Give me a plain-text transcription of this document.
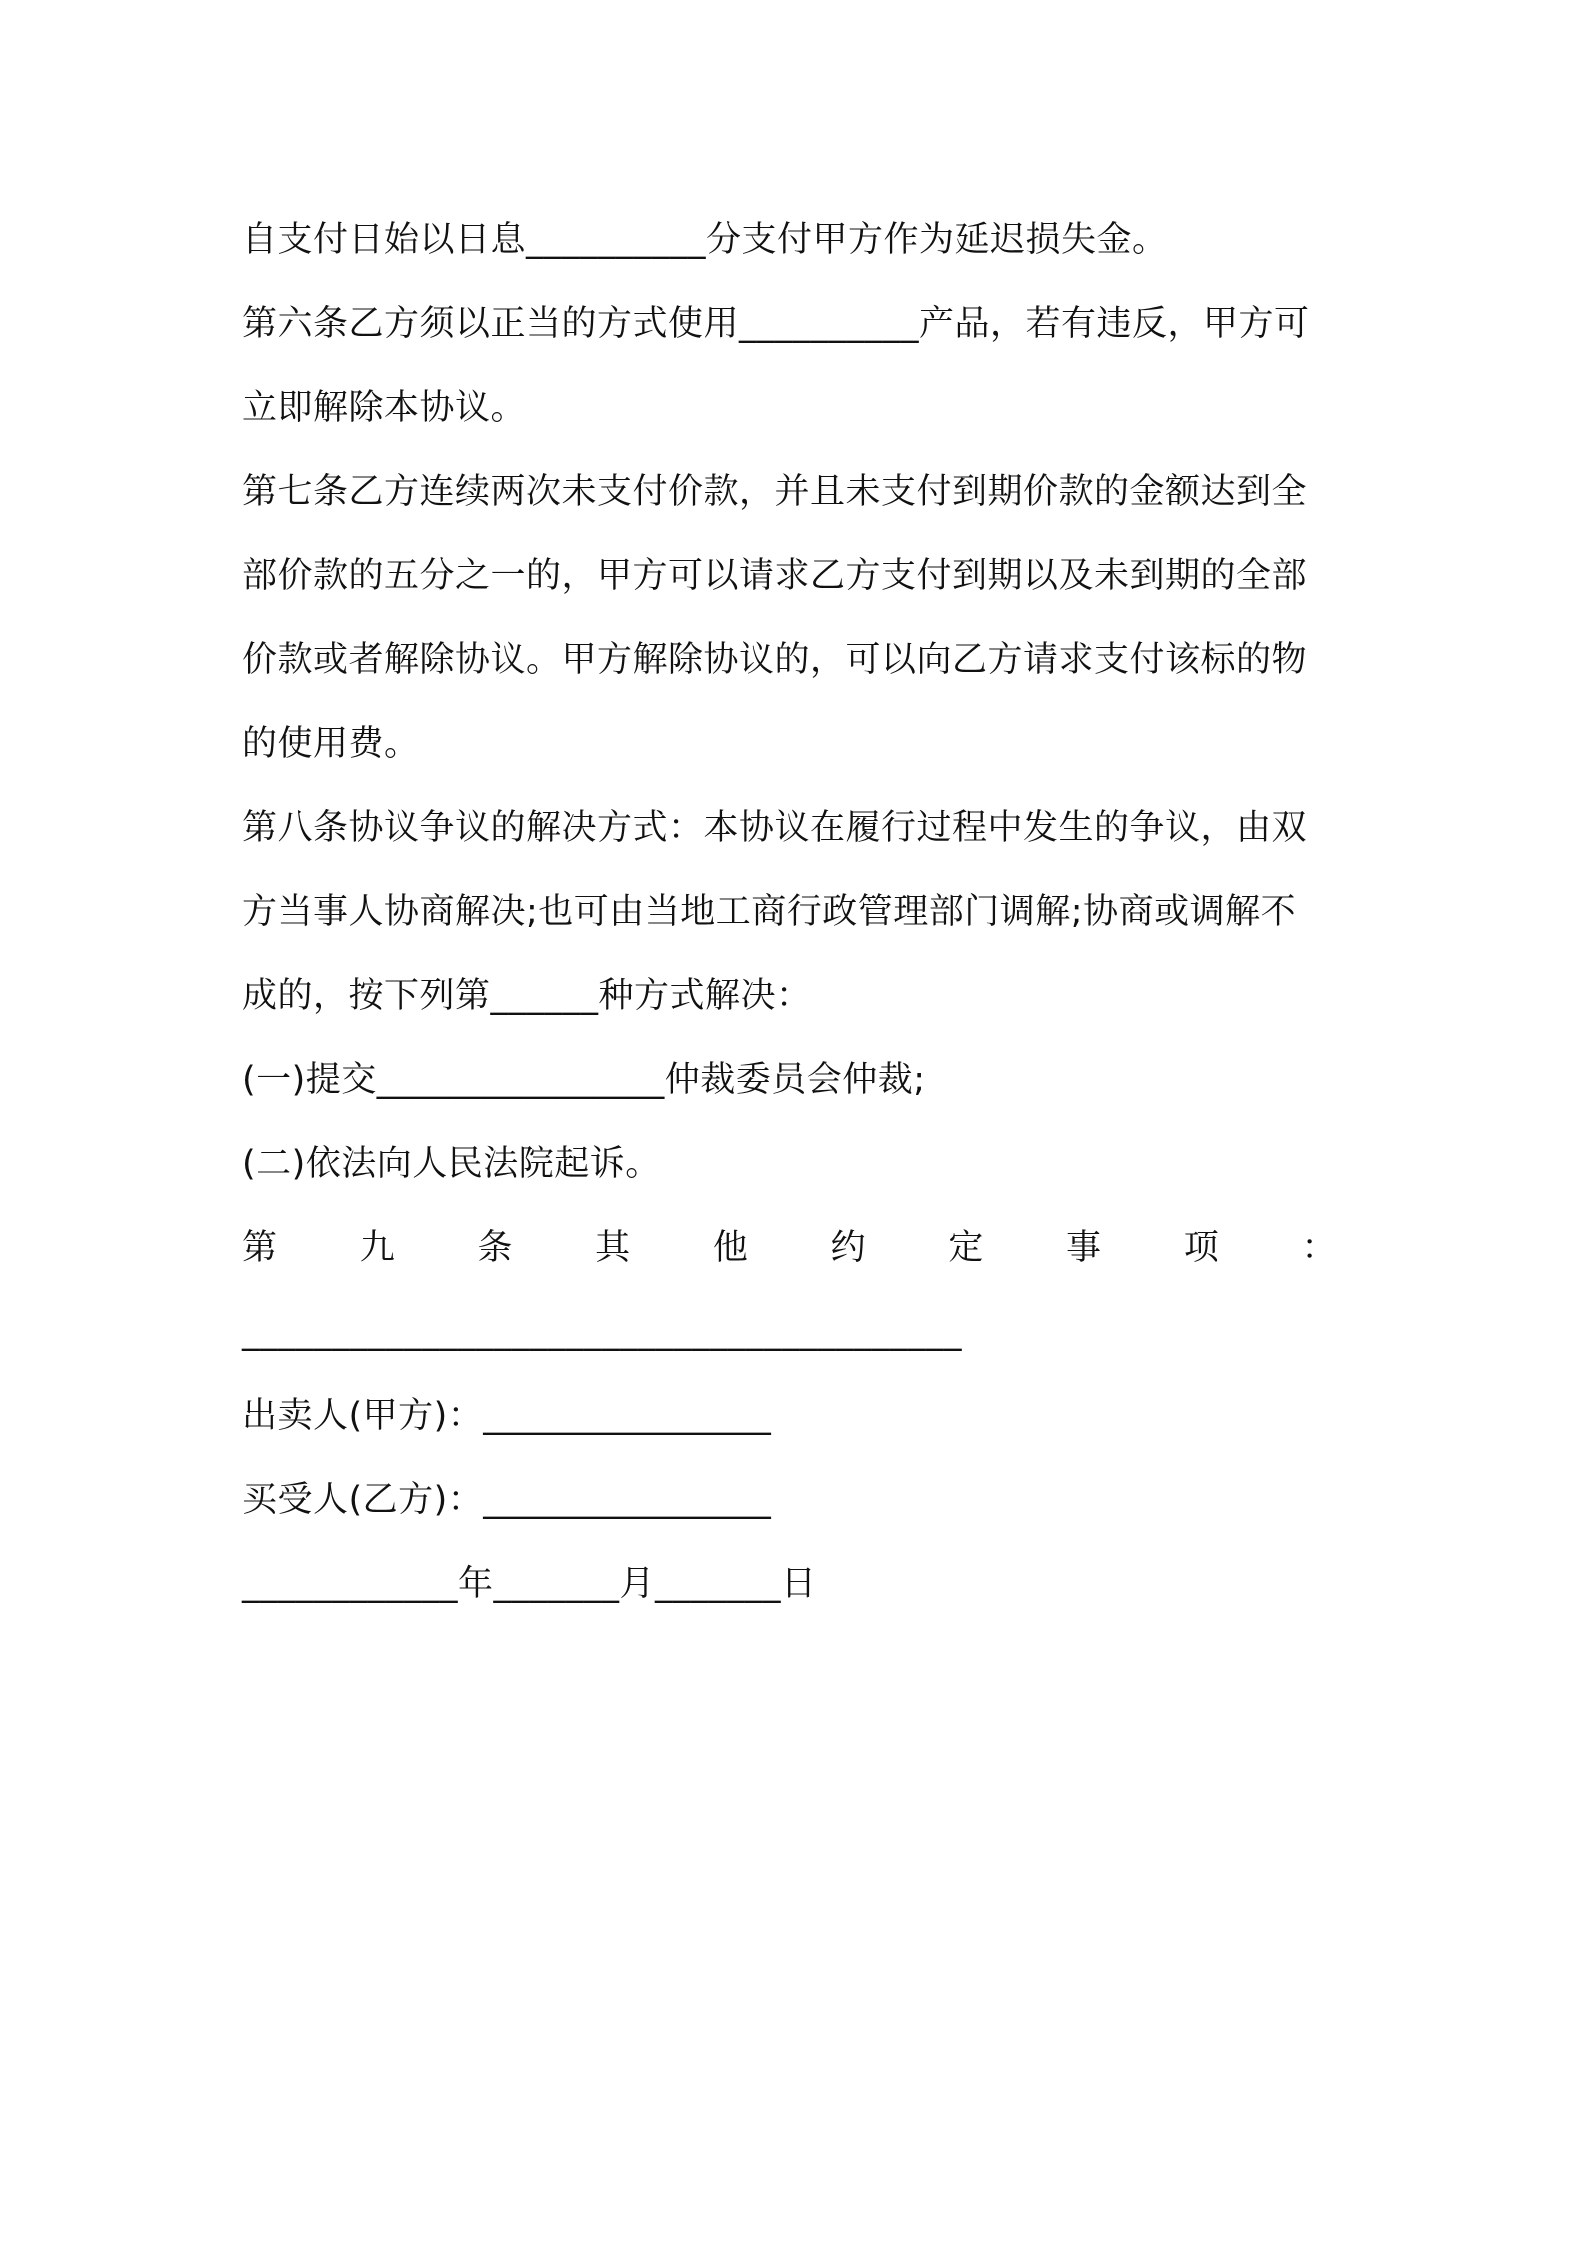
自支付日始以日息__________分支付甲方作为延迟损失金。
第六条乙方须以正当的方式使用__________产品，若有违反，甲方可
立即解除本协议。
第七条乙方连续两次未支付价款，并且未支付到期价款的金额达到全
部价款的五分之一的，甲方可以请求乙方支付到期以及未到期的全部
价款或者解除协议。甲方解除协议的，可以向乙方请求支付该标的物
的使用费。
第八条协议争议的解决方式：本协议在履行过程中发生的争议，由双
方当事人协商解决;也可由当地工商行政管理部门调解;协商或调解不
成的，按下列第______种方式解决：
(一)提交________________仲裁委员会仲裁;
(二)依法向人民法院起诉。
第 九 条 其 他 约 定 事 项 ：
________________________________________
出卖人(甲方)：________________
买受人(乙方)：________________
____________年_______月_______日
